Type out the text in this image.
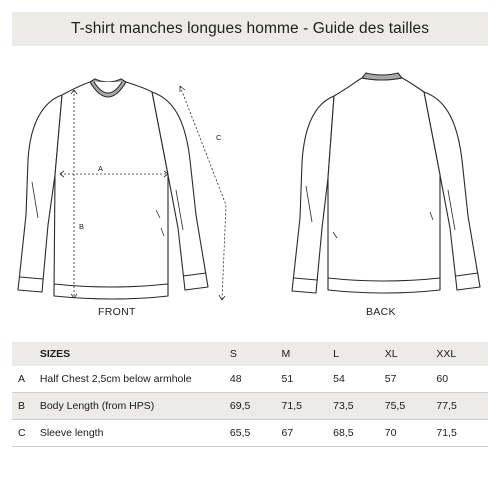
T-shirt manches longues homme - Guide des tailles
A
B
C
FRONT	BACK
	SIZES	S	M	L	XL	XXL
A	Half Chest 2,5cm below armhole	48	51	54	57	60
B	Body Length (from HPS)	69,5	71,5	73,5	75,5	77,5
C	Sleeve length	65,5	67	68,5	70	71,5
